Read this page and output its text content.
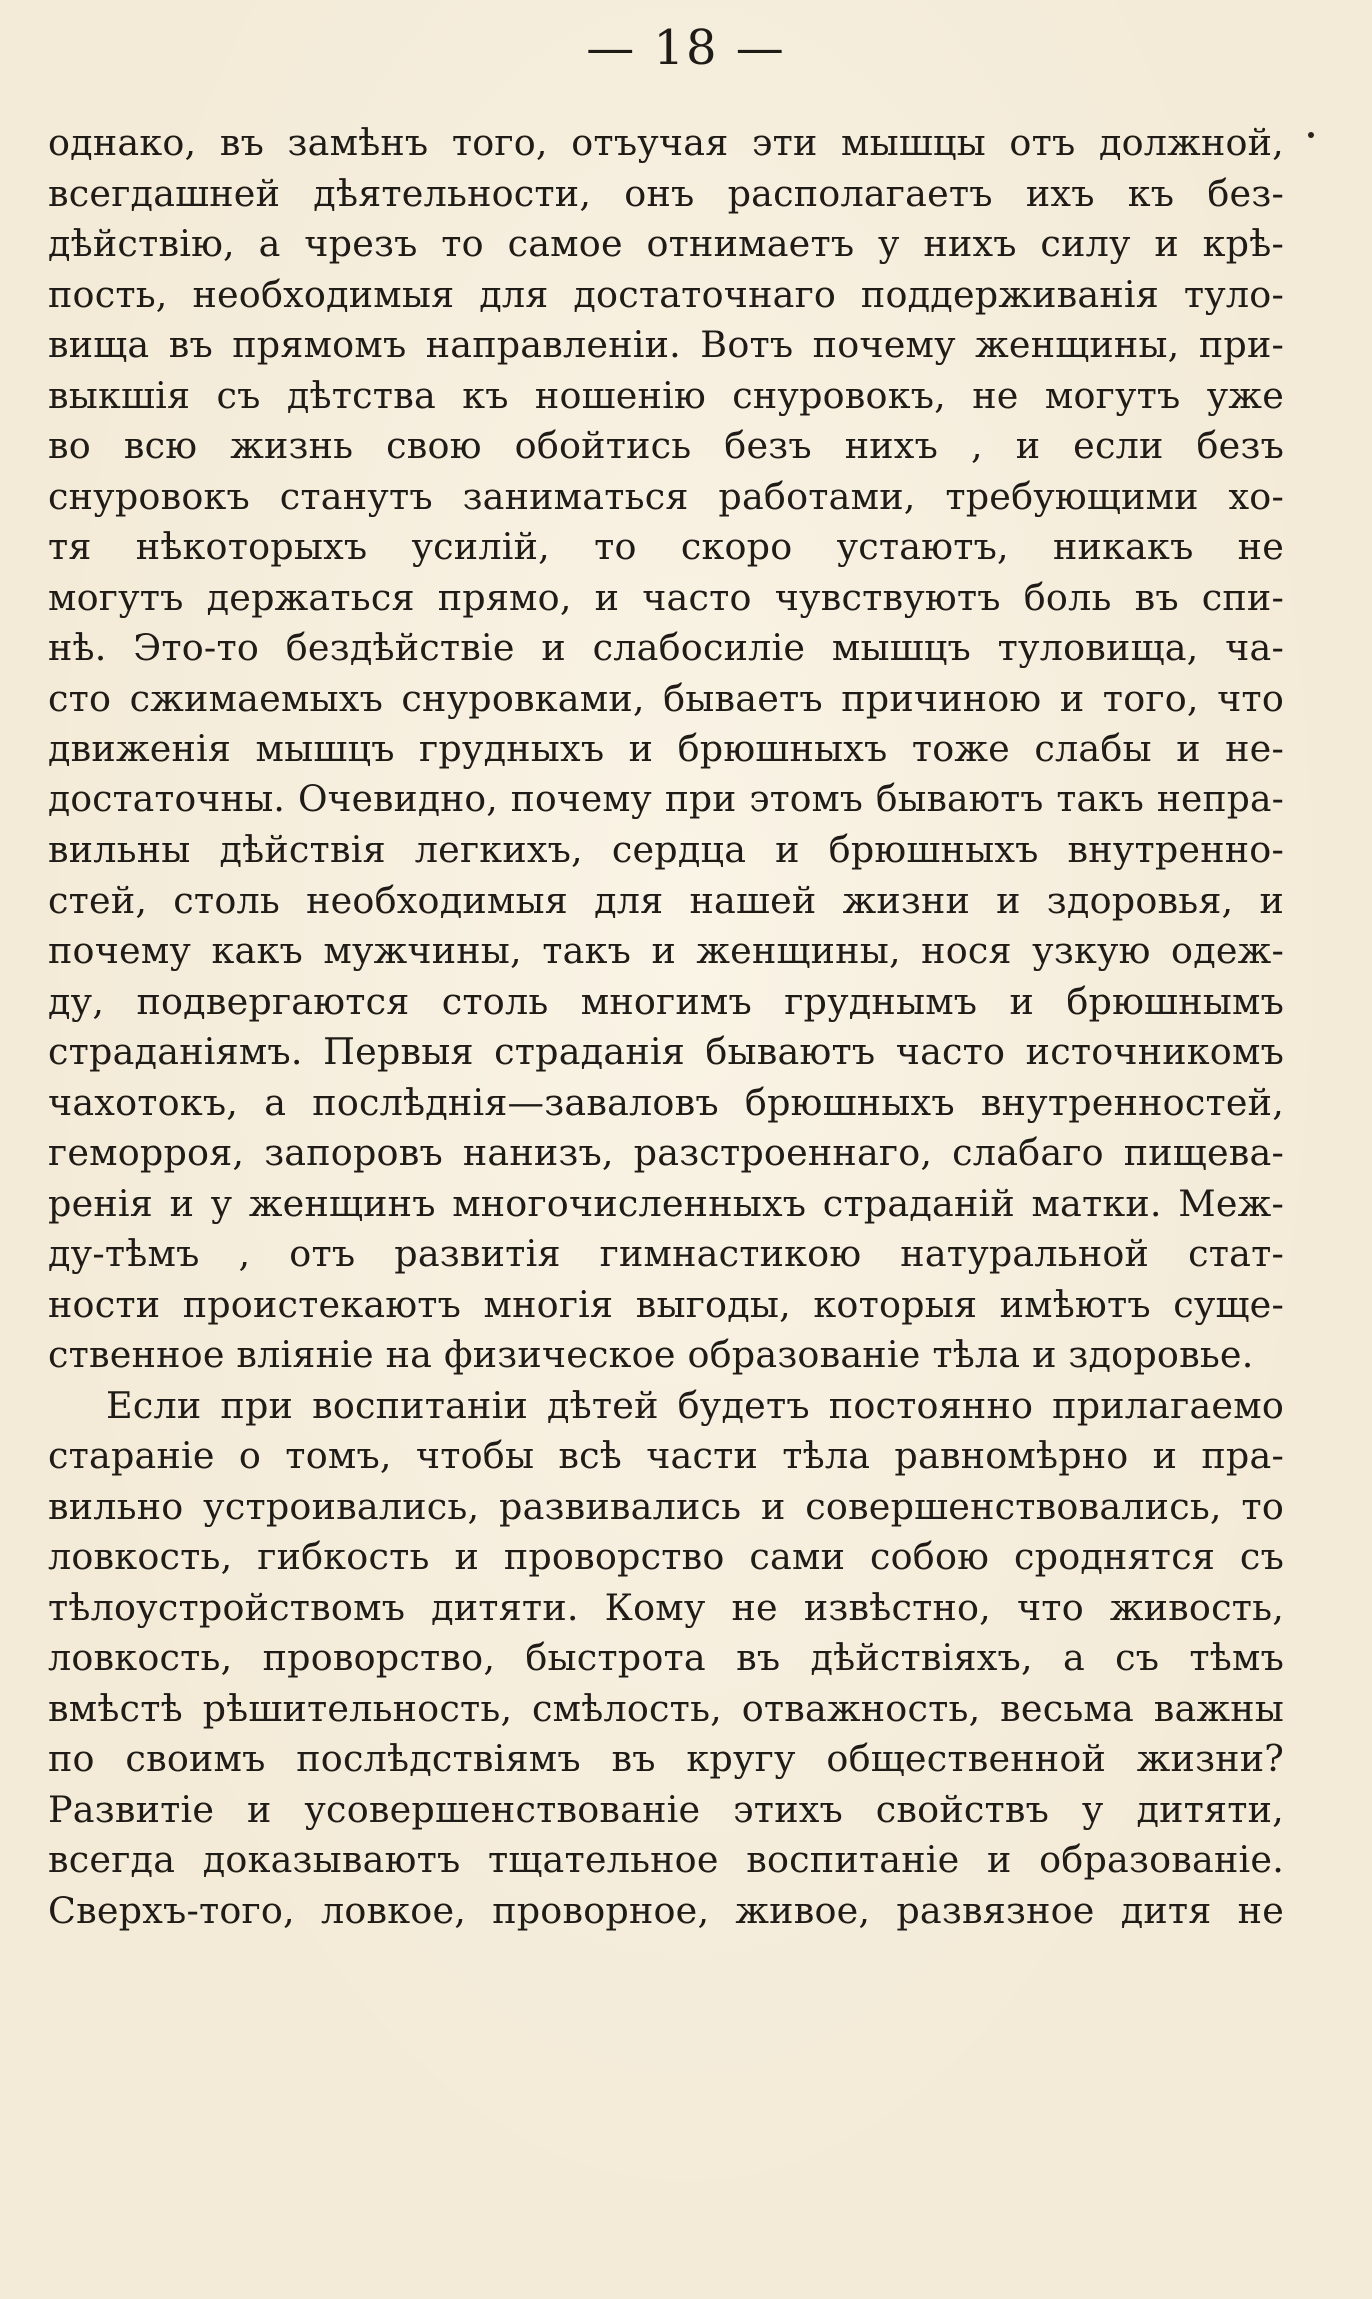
— 18 —
однако, въ замѣнъ того, отъучая эти мышцы отъ должной,
всегдашней дѣятельности, онъ располагаетъ ихъ къ без-
дѣйствію, а чрезъ то самое отнимаетъ у нихъ силу и крѣ-
пость, необходимыя для достаточнаго поддерживанія туло-
вища въ прямомъ направленіи. Вотъ почему женщины, при-
выкшія съ дѣтства къ ношенію снуровокъ, не могутъ уже
во всю жизнь свою обойтись безъ нихъ , и если безъ
снуровокъ станутъ заниматься работами, требующими хо-
тя нѣкоторыхъ усилій, то скоро устаютъ, никакъ не
могутъ держаться прямо, и часто чувствуютъ боль въ спи-
нѣ. Это-то бездѣйствіе и слабосиліе мышцъ туловища, ча-
сто сжимаемыхъ снуровками, бываетъ причиною и того, что
движенія мышцъ грудныхъ и брюшныхъ тоже слабы и не-
достаточны. Очевидно, почему при этомъ бываютъ такъ непра-
вильны дѣйствія легкихъ, сердца и брюшныхъ внутренно-
стей, столь необходимыя для нашей жизни и здоровья, и
почему какъ мужчины, такъ и женщины, нося узкую одеж-
ду, подвергаются столь многимъ груднымъ и брюшнымъ
страданіямъ. Первыя страданія бываютъ часто источникомъ
чахотокъ, а послѣднія—заваловъ брюшныхъ внутренностей,
геморроя, запоровъ нанизъ, разстроеннаго, слабаго пищева-
ренія и у женщинъ многочисленныхъ страданій матки. Меж-
ду-тѣмъ , отъ развитія гимнастикою натуральной стат-
ности проистекаютъ многія выгоды, которыя имѣютъ суще-
ственное вліяніе на физическое образованіе тѣла и здоровье.
Если при воспитаніи дѣтей будетъ постоянно прилагаемо
стараніе о томъ, чтобы всѣ части тѣла равномѣрно и пра-
вильно устроивались, развивались и совершенствовались, то
ловкость, гибкость и проворство сами собою сроднятся съ
тѣлоустройствомъ дитяти. Кому не извѣстно, что живость,
ловкость, проворство, быстрота въ дѣйствіяхъ, а съ тѣмъ
вмѣстѣ рѣшительность, смѣлость, отважность, весьма важны
по своимъ послѣдствіямъ въ кругу общественной жизни?
Развитіе и усовершенствованіе этихъ свойствъ у дитяти,
всегда доказываютъ тщательное воспитаніе и образованіе.
Сверхъ-того, ловкое, проворное, живое, развязное дитя не
